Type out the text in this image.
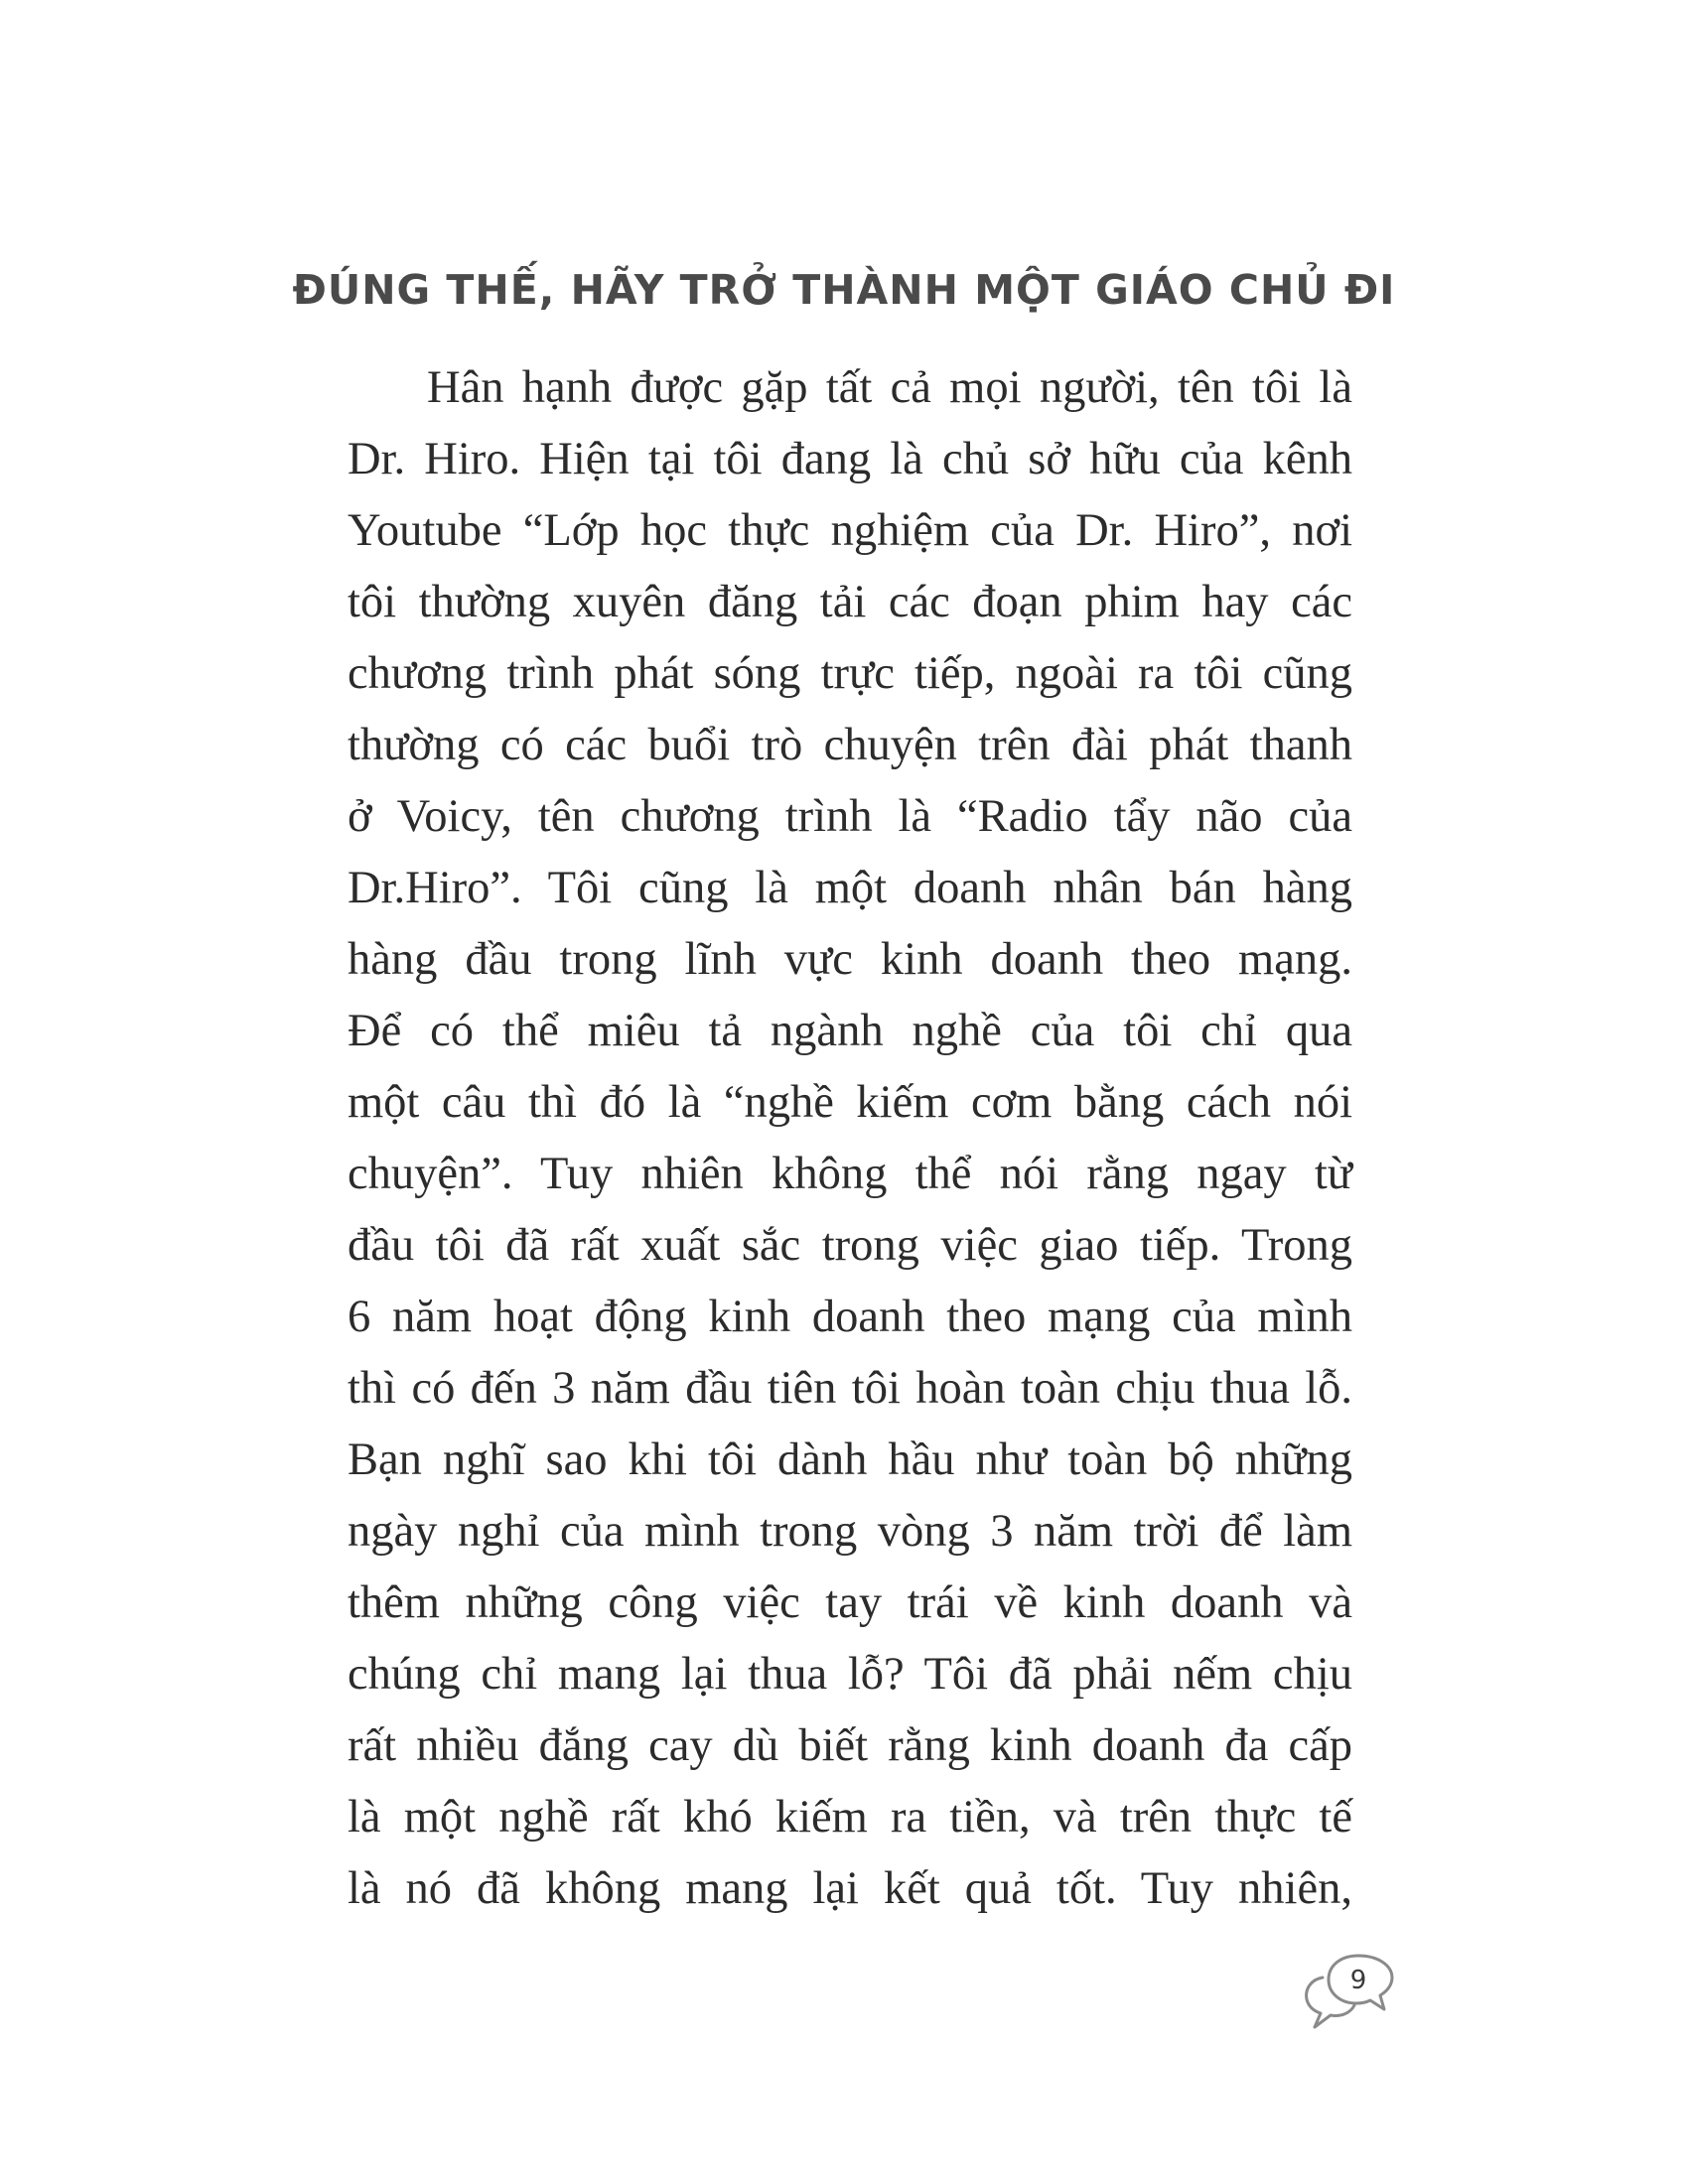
ĐÚNG THẾ, HÃY TRỞ THÀNH MỘT GIÁO CHỦ ĐI
Hân hạnh được gặp tất cả mọi người, tên tôi là
Dr. Hiro. Hiện tại tôi đang là chủ sở hữu của kênh
Youtube “Lớp học thực nghiệm của Dr. Hiro”, nơi
tôi thường xuyên đăng tải các đoạn phim hay các
chương trình phát sóng trực tiếp, ngoài ra tôi cũng
thường có các buổi trò chuyện trên đài phát thanh
ở Voicy, tên chương trình là “Radio tẩy não của
Dr.Hiro”. Tôi cũng là một doanh nhân bán hàng
hàng đầu trong lĩnh vực kinh doanh theo mạng.
Để có thể miêu tả ngành nghề của tôi chỉ qua
một câu thì đó là “nghề kiếm cơm bằng cách nói
chuyện”. Tuy nhiên không thể nói rằng ngay từ
đầu tôi đã rất xuất sắc trong việc giao tiếp. Trong
6 năm hoạt động kinh doanh theo mạng của mình
thì có đến 3 năm đầu tiên tôi hoàn toàn chịu thua lỗ.
Bạn nghĩ sao khi tôi dành hầu như toàn bộ những
ngày nghỉ của mình trong vòng 3 năm trời để làm
thêm những công việc tay trái về kinh doanh và
chúng chỉ mang lại thua lỗ? Tôi đã phải nếm chịu
rất nhiều đắng cay dù biết rằng kinh doanh đa cấp
là một nghề rất khó kiếm ra tiền, và trên thực tế
là nó đã không mang lại kết quả tốt. Tuy nhiên,
9
